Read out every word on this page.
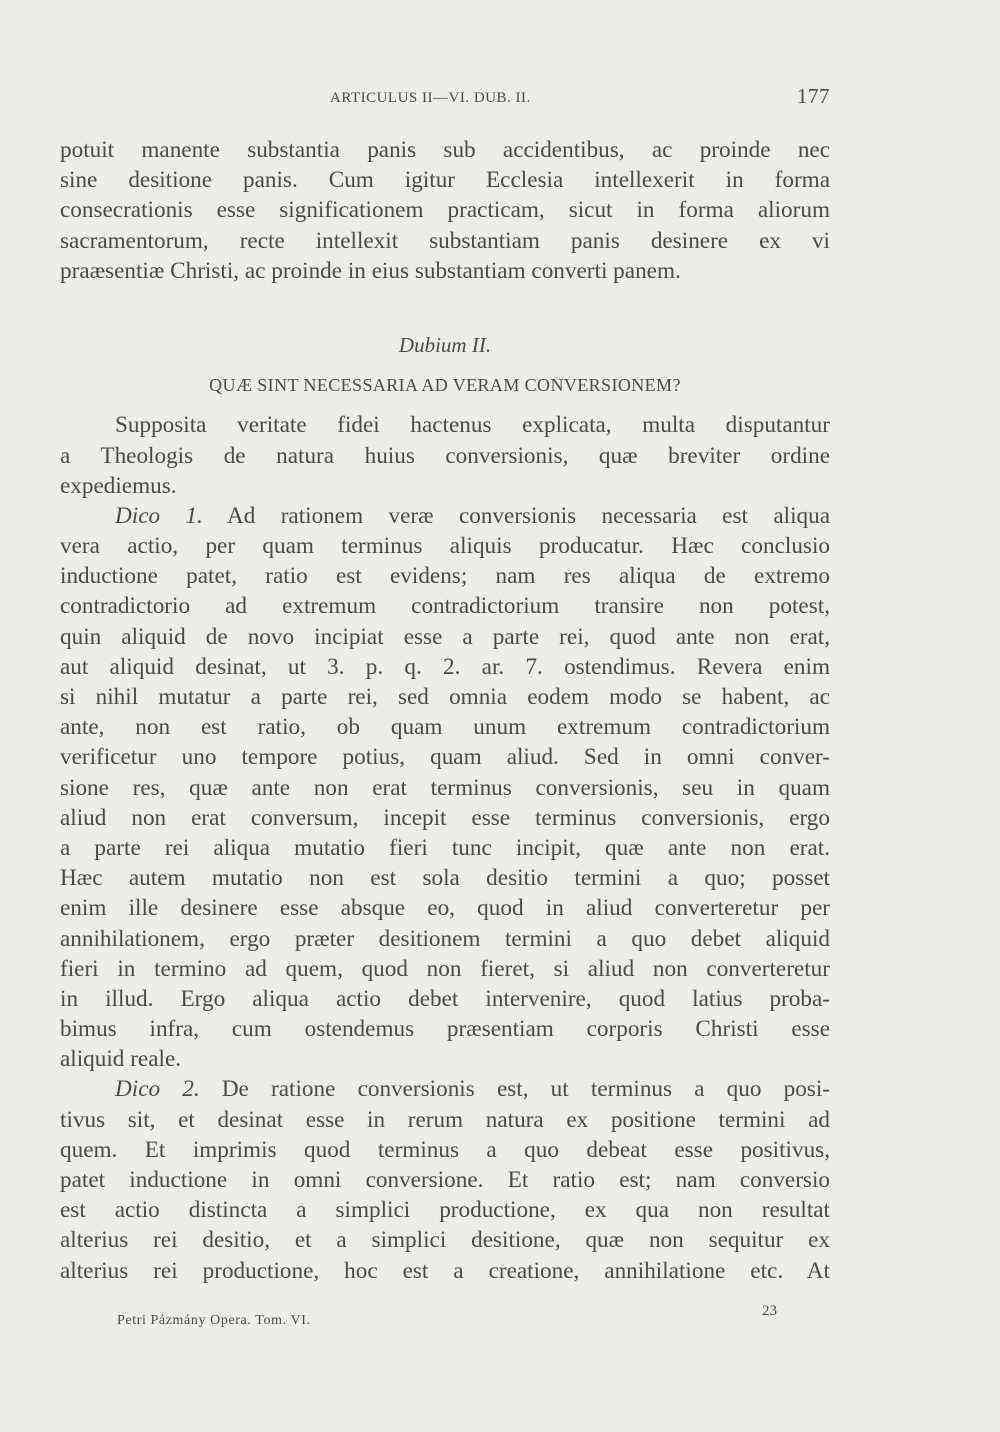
ARTICULUS II—VI. DUB. II.	177
potuit manente substantia panis sub accidentibus, ac proinde nec
sine desitione panis. Cum igitur Ecclesia intellexerit in forma
consecrationis esse significationem practicam, sicut in forma aliorum
sacramentorum, recte intellexit substantiam panis desinere ex vi
praæsentiæ Christi, ac proinde in eius substantiam converti panem.
Dubium II.
QUÆ SINT NECESSARIA AD VERAM CONVERSIONEM?
Supposita veritate fidei hactenus explicata, multa disputantur
a Theologis de natura huius conversionis, quæ breviter ordine
expediemus.
Dico 1. Ad rationem veræ conversionis necessaria est aliqua
vera actio, per quam terminus aliquis producatur. Hæc conclusio
inductione patet, ratio est evidens; nam res aliqua de extremo
contradictorio ad extremum contradictorium transire non potest,
quin aliquid de novo incipiat esse a parte rei, quod ante non erat,
aut aliquid desinat, ut 3. p. q. 2. ar. 7. ostendimus. Revera enim
si nihil mutatur a parte rei, sed omnia eodem modo se habent, ac
ante, non est ratio, ob quam unum extremum contradictorium
verificetur uno tempore potius, quam aliud. Sed in omni conver-
sione res, quæ ante non erat terminus conversionis, seu in quam
aliud non erat conversum, incepit esse terminus conversionis, ergo
a parte rei aliqua mutatio fieri tunc incipit, quæ ante non erat.
Hæc autem mutatio non est sola desitio termini a quo; posset
enim ille desinere esse absque eo, quod in aliud converteretur per
annihilationem, ergo præter desitionem termini a quo debet aliquid
fieri in termino ad quem, quod non fieret, si aliud non converteretur
in illud. Ergo aliqua actio debet intervenire, quod latius proba-
bimus infra, cum ostendemus præsentiam corporis Christi esse
aliquid reale.
Dico 2. De ratione conversionis est, ut terminus a quo posi-
tivus sit, et desinat esse in rerum natura ex positione termini ad
quem. Et imprimis quod terminus a quo debeat esse positivus,
patet inductione in omni conversione. Et ratio est; nam conversio
est actio distincta a simplici productione, ex qua non resultat
alterius rei desitio, et a simplici desitione, quæ non sequitur ex
alterius rei productione, hoc est a creatione, annihilatione etc. At
Petri Pázmány Opera. Tom. VI.
23
